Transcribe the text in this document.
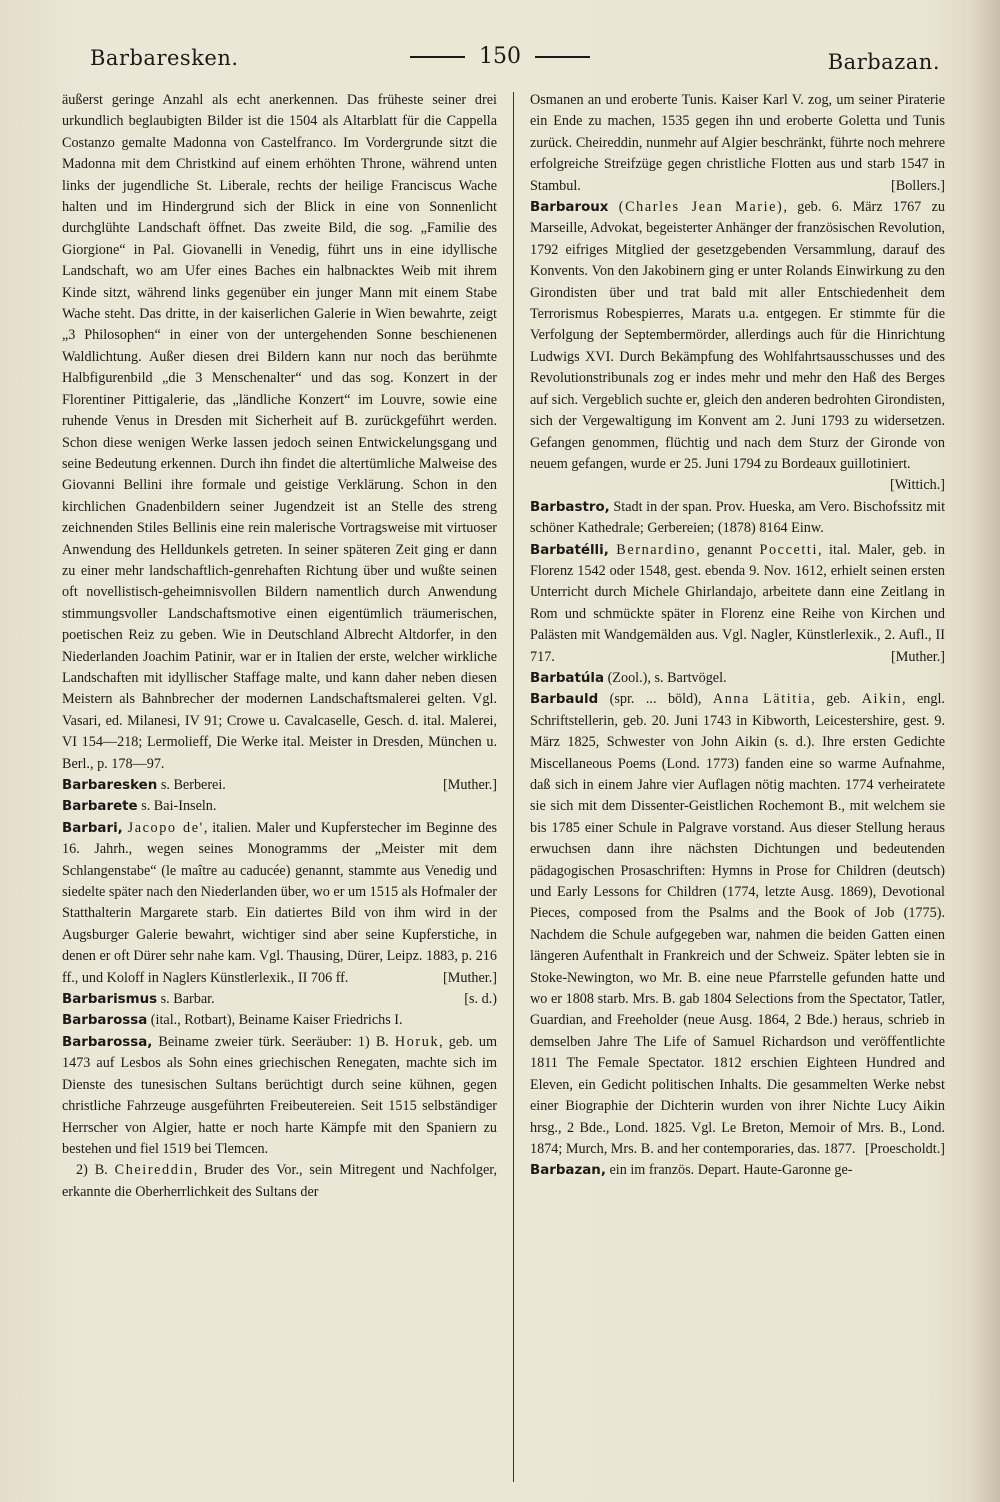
Barbaresken.	150	Barbazan.

äußerst geringe Anzahl als echt anerkennen. Das früheste seiner drei urkundlich beglaubigten Bilder ist die 1504 als Altarblatt für die Cappella Costanzo gemalte Madonna von Castelfranco. Im Vordergrunde sitzt die Madonna mit dem Christkind auf einem erhöhten Throne, während unten links der jugendliche St. Liberale, rechts der heilige Franciscus Wache halten und im Hindergrund sich der Blick in eine von Sonnenlicht durchglühte Landschaft öffnet. Das zweite Bild, die sog. „Familie des Giorgione“ in Pal. Giovanelli in Venedig, führt uns in eine idyllische Landschaft, wo am Ufer eines Baches ein halbnacktes Weib mit ihrem Kinde sitzt, während links gegenüber ein junger Mann mit einem Stabe Wache steht. Das dritte, in der kaiserlichen Galerie in Wien bewahrte, zeigt „3 Philosophen“ in einer von der untergehenden Sonne beschienenen Waldlichtung. Außer diesen drei Bildern kann nur noch das berühmte Halbfigurenbild „die 3 Menschenalter“ und das sog. Konzert in der Florentiner Pittigalerie, das „ländliche Konzert“ im Louvre, sowie eine ruhende Venus in Dresden mit Sicherheit auf B. zurückgeführt werden. Schon diese wenigen Werke lassen jedoch seinen Entwickelungsgang und seine Bedeutung erkennen. Durch ihn findet die altertümliche Malweise des Giovanni Bellini ihre formale und geistige Verklärung. Schon in den kirchlichen Gnadenbildern seiner Jugendzeit ist an Stelle des streng zeichnenden Stiles Bellinis eine rein malerische Vortragsweise mit virtuoser Anwendung des Helldunkels getreten. In seiner späteren Zeit ging er dann zu einer mehr landschaftlich-genrehaften Richtung über und wußte seinen oft novellistisch-geheimnisvollen Bildern namentlich durch Anwendung stimmungsvoller Landschaftsmotive einen eigentümlich träumerischen, poetischen Reiz zu geben. Wie in Deutschland Albrecht Altdorfer, in den Niederlanden Joachim Patinir, war er in Italien der erste, welcher wirkliche Landschaften mit idyllischer Staffage malte, und kann daher neben diesen Meistern als Bahnbrecher der modernen Landschaftsmalerei gelten. Vgl. Vasari, ed. Milanesi, IV 91; Crowe u. Cavalcaselle, Gesch. d. ital. Malerei, VI 154—218; Lermolieff, Die Werke ital. Meister in Dresden, München u. Berl., p. 178—97.

Barbaresken s. Berberei.	[Muther.]

Barbarete s. Bai-Inseln.

Barbari, Jacopo de', italien. Maler und Kupferstecher im Beginne des 16. Jahrh., wegen seines Monogramms der „Meister mit dem Schlangenstabe“ (le maître au caducée) genannt, stammte aus Venedig und siedelte später nach den Niederlanden über, wo er um 1515 als Hofmaler der Statthalterin Margarete starb. Ein datiertes Bild von ihm wird in der Augsburger Galerie bewahrt, wichtiger sind aber seine Kupferstiche, in denen er oft Dürer sehr nahe kam. Vgl. Thausing, Dürer, Leipz. 1883, p. 216 ff., und Koloff in Naglers Künstlerlexik., II 706 ff.	[Muther.]

Barbarismus s. Barbar.	[s. d.)

Barbarossa (ital., Rotbart), Beiname Kaiser Friedrichs I.

Barbarossa, Beiname zweier türk. Seeräuber: 1) B. Horuk, geb. um 1473 auf Lesbos als Sohn eines griechischen Renegaten, machte sich im Dienste des tunesischen Sultans berüchtigt durch seine kühnen, gegen christliche Fahrzeuge ausgeführten Freibeutereien. Seit 1515 selbständiger Herrscher von Algier, hatte er noch harte Kämpfe mit den Spaniern zu bestehen und fiel 1519 bei Tlemcen.

2) B. Cheireddin, Bruder des Vor., sein Mitregent und Nachfolger, erkannte die Oberherrlichkeit des Sultans der

Osmanen an und eroberte Tunis. Kaiser Karl V. zog, um seiner Piraterie ein Ende zu machen, 1535 gegen ihn und eroberte Goletta und Tunis zurück. Cheireddin, nunmehr auf Algier beschränkt, führte noch mehrere erfolgreiche Streifzüge gegen christliche Flotten aus und starb 1547 in Stambul.	[Bollers.]

Barbaroux (Charles Jean Marie), geb. 6. März 1767 zu Marseille, Advokat, begeisterter Anhänger der französischen Revolution, 1792 eifriges Mitglied der gesetzgebenden Versammlung, darauf des Konvents. Von den Jakobinern ging er unter Rolands Einwirkung zu den Girondisten über und trat bald mit aller Entschiedenheit dem Terrorismus Robespierres, Marats u.a. entgegen. Er stimmte für die Verfolgung der Septembermörder, allerdings auch für die Hinrichtung Ludwigs XVI. Durch Bekämpfung des Wohlfahrtsausschusses und des Revolutionstribunals zog er indes mehr und mehr den Haß des Berges auf sich. Vergeblich suchte er, gleich den anderen bedrohten Girondisten, sich der Vergewaltigung im Konvent am 2. Juni 1793 zu widersetzen. Gefangen genommen, flüchtig und nach dem Sturz der Gironde von neuem gefangen, wurde er 25. Juni 1794 zu Bordeaux guillotiniert.
[Wittich.]

Barbastro, Stadt in der span. Prov. Hueska, am Vero. Bischofssitz mit schöner Kathedrale; Gerbereien; (1878) 8164 Einw.

Barbatélli, Bernardino, genannt Poccetti, ital. Maler, geb. in Florenz 1542 oder 1548, gest. ebenda 9. Nov. 1612, erhielt seinen ersten Unterricht durch Michele Ghirlandajo, arbeitete dann eine Zeitlang in Rom und schmückte später in Florenz eine Reihe von Kirchen und Palästen mit Wandgemälden aus. Vgl. Nagler, Künstlerlexik., 2. Aufl., II 717.	[Muther.]

Barbatúla (Zool.), s. Bartvögel.

Barbauld (spr. ... böld), Anna Lätitia, geb. Aikin, engl. Schriftstellerin, geb. 20. Juni 1743 in Kibworth, Leicestershire, gest. 9. März 1825, Schwester von John Aikin (s. d.). Ihre ersten Gedichte Miscellaneous Poems (Lond. 1773) fanden eine so warme Aufnahme, daß sich in einem Jahre vier Auflagen nötig machten. 1774 verheiratete sie sich mit dem Dissenter-Geistlichen Rochemont B., mit welchem sie bis 1785 einer Schule in Palgrave vorstand. Aus dieser Stellung heraus erwuchsen dann ihre nächsten Dichtungen und bedeutenden pädagogischen Prosaschriften: Hymns in Prose for Children (deutsch) und Early Lessons for Children (1774, letzte Ausg. 1869), Devotional Pieces, composed from the Psalms and the Book of Job (1775). Nachdem die Schule aufgegeben war, nahmen die beiden Gatten einen längeren Aufenthalt in Frankreich und der Schweiz. Später lebten sie in Stoke-Newington, wo Mr. B. eine neue Pfarrstelle gefunden hatte und wo er 1808 starb. Mrs. B. gab 1804 Selections from the Spectator, Tatler, Guardian, and Freeholder (neue Ausg. 1864, 2 Bde.) heraus, schrieb in demselben Jahre The Life of Samuel Richardson und veröffentlichte 1811 The Female Spectator. 1812 erschien Eighteen Hundred and Eleven, ein Gedicht politischen Inhalts. Die gesammelten Werke nebst einer Biographie der Dichterin wurden von ihrer Nichte Lucy Aikin hrsg., 2 Bde., Lond. 1825. Vgl. Le Breton, Memoir of Mrs. B., Lond. 1874; Murch, Mrs. B. and her contemporaries, das. 1877. [Proescholdt.]

Barbazan, ein im französ. Depart. Haute-Garonne ge-
